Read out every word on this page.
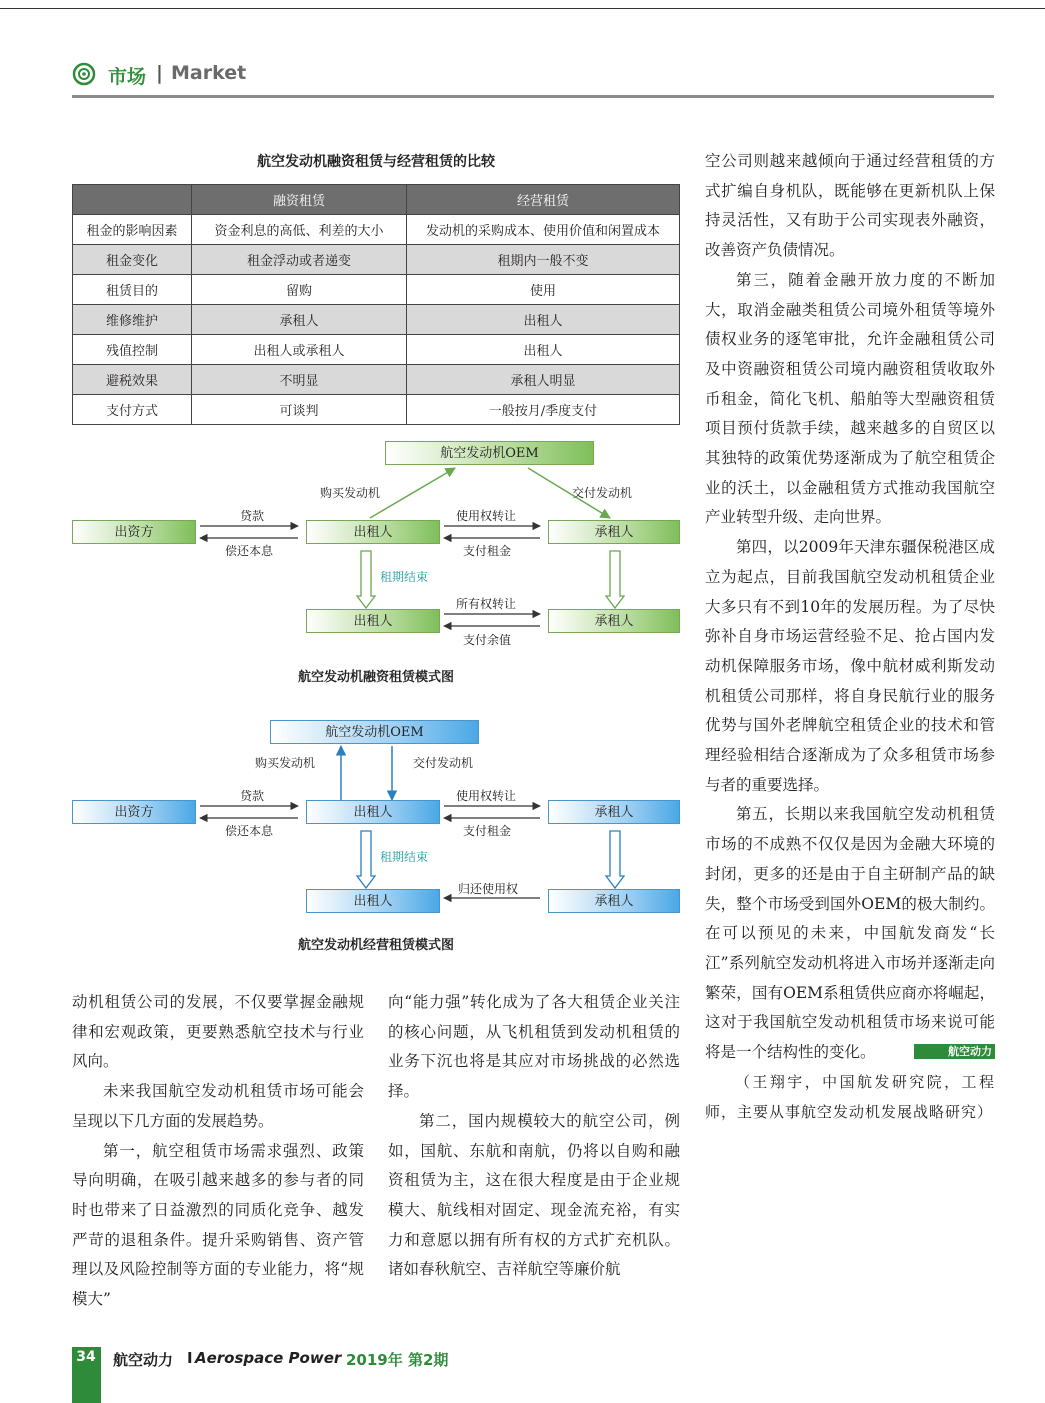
市场 | Market
航空发动机融资租赁与经营租赁的比较
	融资租赁	经营租赁
租金的影响因素	资金利息的高低、利差的大小	发动机的采购成本、使用价值和闲置成本
租金变化	租金浮动或者递变	租期内一般不变
租赁目的	留购	使用
维修维护	承租人	出租人
残值控制	出租人或承租人	出租人
避税效果	不明显	承租人明显
支付方式	可谈判	一般按月/季度支付
航空发动机OEM
出资方	出租人	承租人
出租人	承租人
购买发动机	交付发动机
贷款
偿还本息
使用权转让
支付租金
租期结束
所有权转让
支付余值
航空发动机融资租赁模式图
航空发动机OEM
出资方	出租人	承租人
出租人	承租人
购买发动机	交付发动机
贷款
偿还本息
使用权转让
支付租金
租期结束
归还使用权
航空发动机经营租赁模式图

动机租赁公司的发展，不仅要掌握金融规律和宏观政策，更要熟悉航空技术与行业风向。

未来我国航空发动机租赁市场可能会呈现以下几方面的发展趋势。

第一，航空租赁市场需求强烈、政策导向明确，在吸引越来越多的参与者的同时也带来了日益激烈的同质化竞争、越发严苛的退租条件。提升采购销售、资产管理以及风险控制等方面的专业能力，将“规模大”

向“能力强”转化成为了各大租赁企业关注的核心问题，从飞机租赁到发动机租赁的业务下沉也将是其应对市场挑战的必然选择。

第二，国内规模较大的航空公司，例如，国航、东航和南航，仍将以自购和融资租赁为主，这在很大程度是由于企业规模大、航线相对固定、现金流充裕，有实力和意愿以拥有所有权的方式扩充机队。诸如春秋航空、吉祥航空等廉价航

空公司则越来越倾向于通过经营租赁的方式扩编自身机队，既能够在更新机队上保持灵活性，又有助于公司实现表外融资，改善资产负债情况。

第三，随着金融开放力度的不断加大，取消金融类租赁公司境外租赁等境外债权业务的逐笔审批，允许金融租赁公司及中资融资租赁公司境内融资租赁收取外币租金，简化飞机、船舶等大型融资租赁项目预付货款手续，越来越多的自贸区以其独特的政策优势逐渐成为了航空租赁企业的沃土，以金融租赁方式推动我国航空产业转型升级、走向世界。

第四，以2009年天津东疆保税港区成立为起点，目前我国航空发动机租赁企业大多只有不到10年的发展历程。为了尽快弥补自身市场运营经验不足、抢占国内发动机保障服务市场，像中航材威利斯发动机租赁公司那样，将自身民航行业的服务优势与国外老牌航空租赁企业的技术和管理经验相结合逐渐成为了众多租赁市场参与者的重要选择。

第五，长期以来我国航空发动机租赁市场的不成熟不仅仅是因为金融大环境的封闭，更多的还是由于自主研制产品的缺失，整个市场受到国外OEM的极大制约。在可以预见的未来，中国航发商发“长江”系列航空发动机将进入市场并逐渐走向繁荣，国有OEM系租赁供应商亦将崛起，这对于我国航空发动机租赁市场来说可能将是一个结构性的变化。	航空动力

（王翔宇，中国航发研究院，工程师，主要从事航空发动机发展战略研究）

34 航空动力 I Aerospace Power 2019年 第2期
